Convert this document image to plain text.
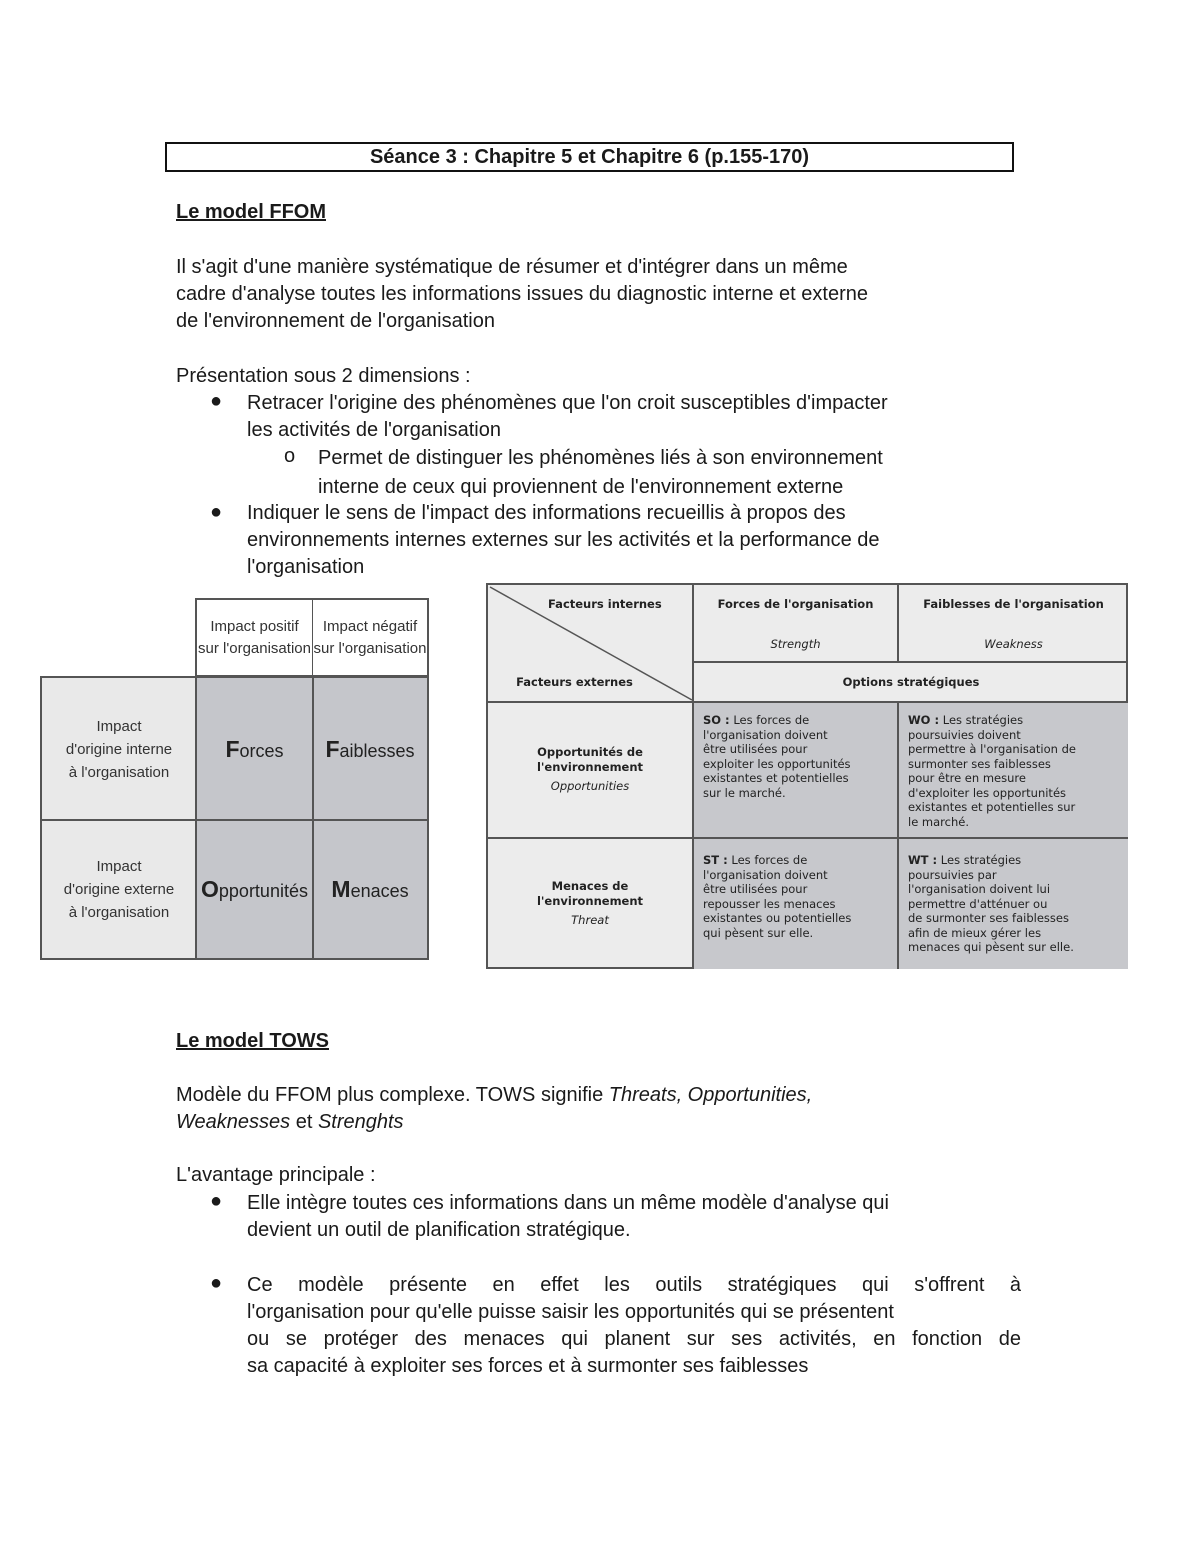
Séance 3 : Chapitre 5 et Chapitre 6 (p.155-170)
Le model FFOM
Il s'agit d'une manière systématique de résumer et d'intégrer dans un même
cadre d'analyse toutes les informations issues du diagnostic interne et externe
de l'environnement de l'organisation
Présentation sous 2 dimensions :
● Retracer l'origine des phénomènes que l'on croit susceptibles d'impacter
les activités de l'organisation
o Permet de distinguer les phénomènes liés à son environnement
interne de ceux qui proviennent de l'environnement externe
● Indiquer le sens de l'impact des informations recueillis à propos des
environnements internes externes sur les activités et la performance de
l'organisation
Impact positif
sur l'organisation
Impact négatif
sur l'organisation
Impact
d'origine interne
à l'organisation
Impact
d'origine externe
à l'organisation
Forces Faiblesses
Opportunités Menaces
Facteurs internes
Facteurs externes
Forces de l'organisation
Strength
Faiblesses de l'organisation
Weakness
Options stratégiques
Opportunités de
l'environnement
Opportunities
Menaces de
l'environnement
Threat
SO : Les forces de
l'organisation doivent
être utilisées pour
exploiter les opportunités
existantes et potentielles
sur le marché.
WO : Les stratégies
poursuivies doivent
permettre à l'organisation de
surmonter ses faiblesses
pour être en mesure
d'exploiter les opportunités
existantes et potentielles sur
le marché.
ST : Les forces de
l'organisation doivent
être utilisées pour
repousser les menaces
existantes ou potentielles
qui pèsent sur elle.
WT : Les stratégies
poursuivies par
l'organisation doivent lui
permettre d'atténuer ou
de surmonter ses faiblesses
afin de mieux gérer les
menaces qui pèsent sur elle.
Le model TOWS
Modèle du FFOM plus complexe. TOWS signifie Threats, Opportunities,
Weaknesses et Strenghts
L'avantage principale :
● Elle intègre toutes ces informations dans un même modèle d'analyse qui
devient un outil de planification stratégique.
● Ce modèle présente en effet les outils stratégiques qui s'offrent à
l'organisation pour qu'elle puisse saisir les opportunités qui se présentent
ou se protéger des menaces qui planent sur ses activités, en fonction de
sa capacité à exploiter ses forces et à surmonter ses faiblesses
